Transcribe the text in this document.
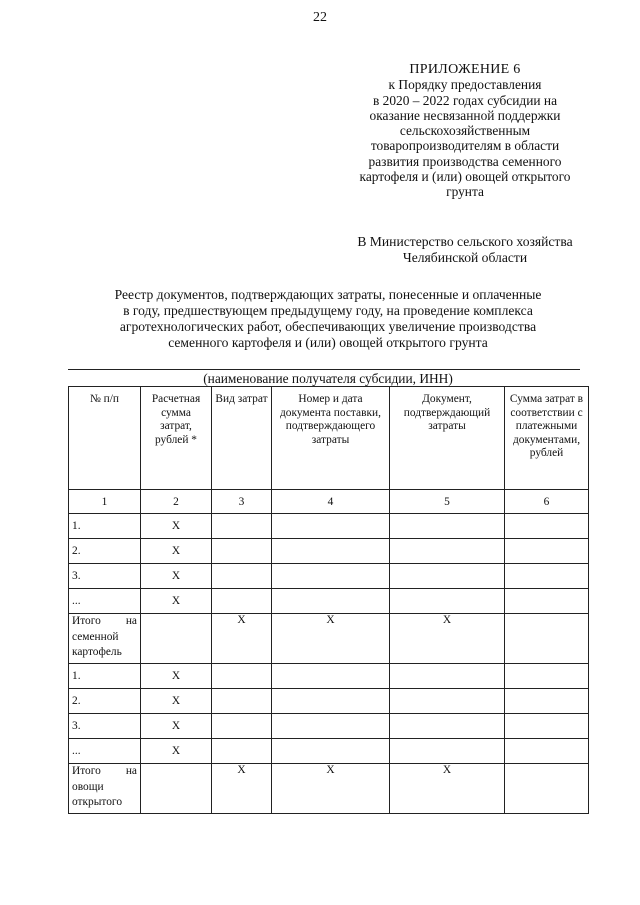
22
ПРИЛОЖЕНИЕ 6
к Порядку предоставления
в 2020 – 2022 годах субсидии на
оказание несвязанной поддержки
сельскохозяйственным
товаропроизводителям в области
развития производства семенного
картофеля и (или) овощей открытого
грунта
В Министерство сельского хозяйства
Челябинской области
Реестр документов, подтверждающих затраты, понесенные и оплаченные
в году, предшествующем предыдущему году, на проведение комплекса
агротехнологических работ, обеспечивающих увеличение производства
семенного картофеля и (или) овощей открытого грунта
(наименование получателя субсидии, ИНН)
№ п/п	Расчетная сумма затрат, рублей *	Вид затрат	Номер и дата документа поставки, подтверждающего затраты	Документ, подтверждающий затраты	Сумма затрат в соответствии с платежными документами, рублей
1	2	3	4	5	6
1.	Х				
2.	Х				
3.	Х				
...	Х				
Итого на семенной картофель		Х	Х	Х	
1.	Х				
2.	Х				
3.	Х				
...	Х				
Итого на овощи открытого		Х	Х	Х	
